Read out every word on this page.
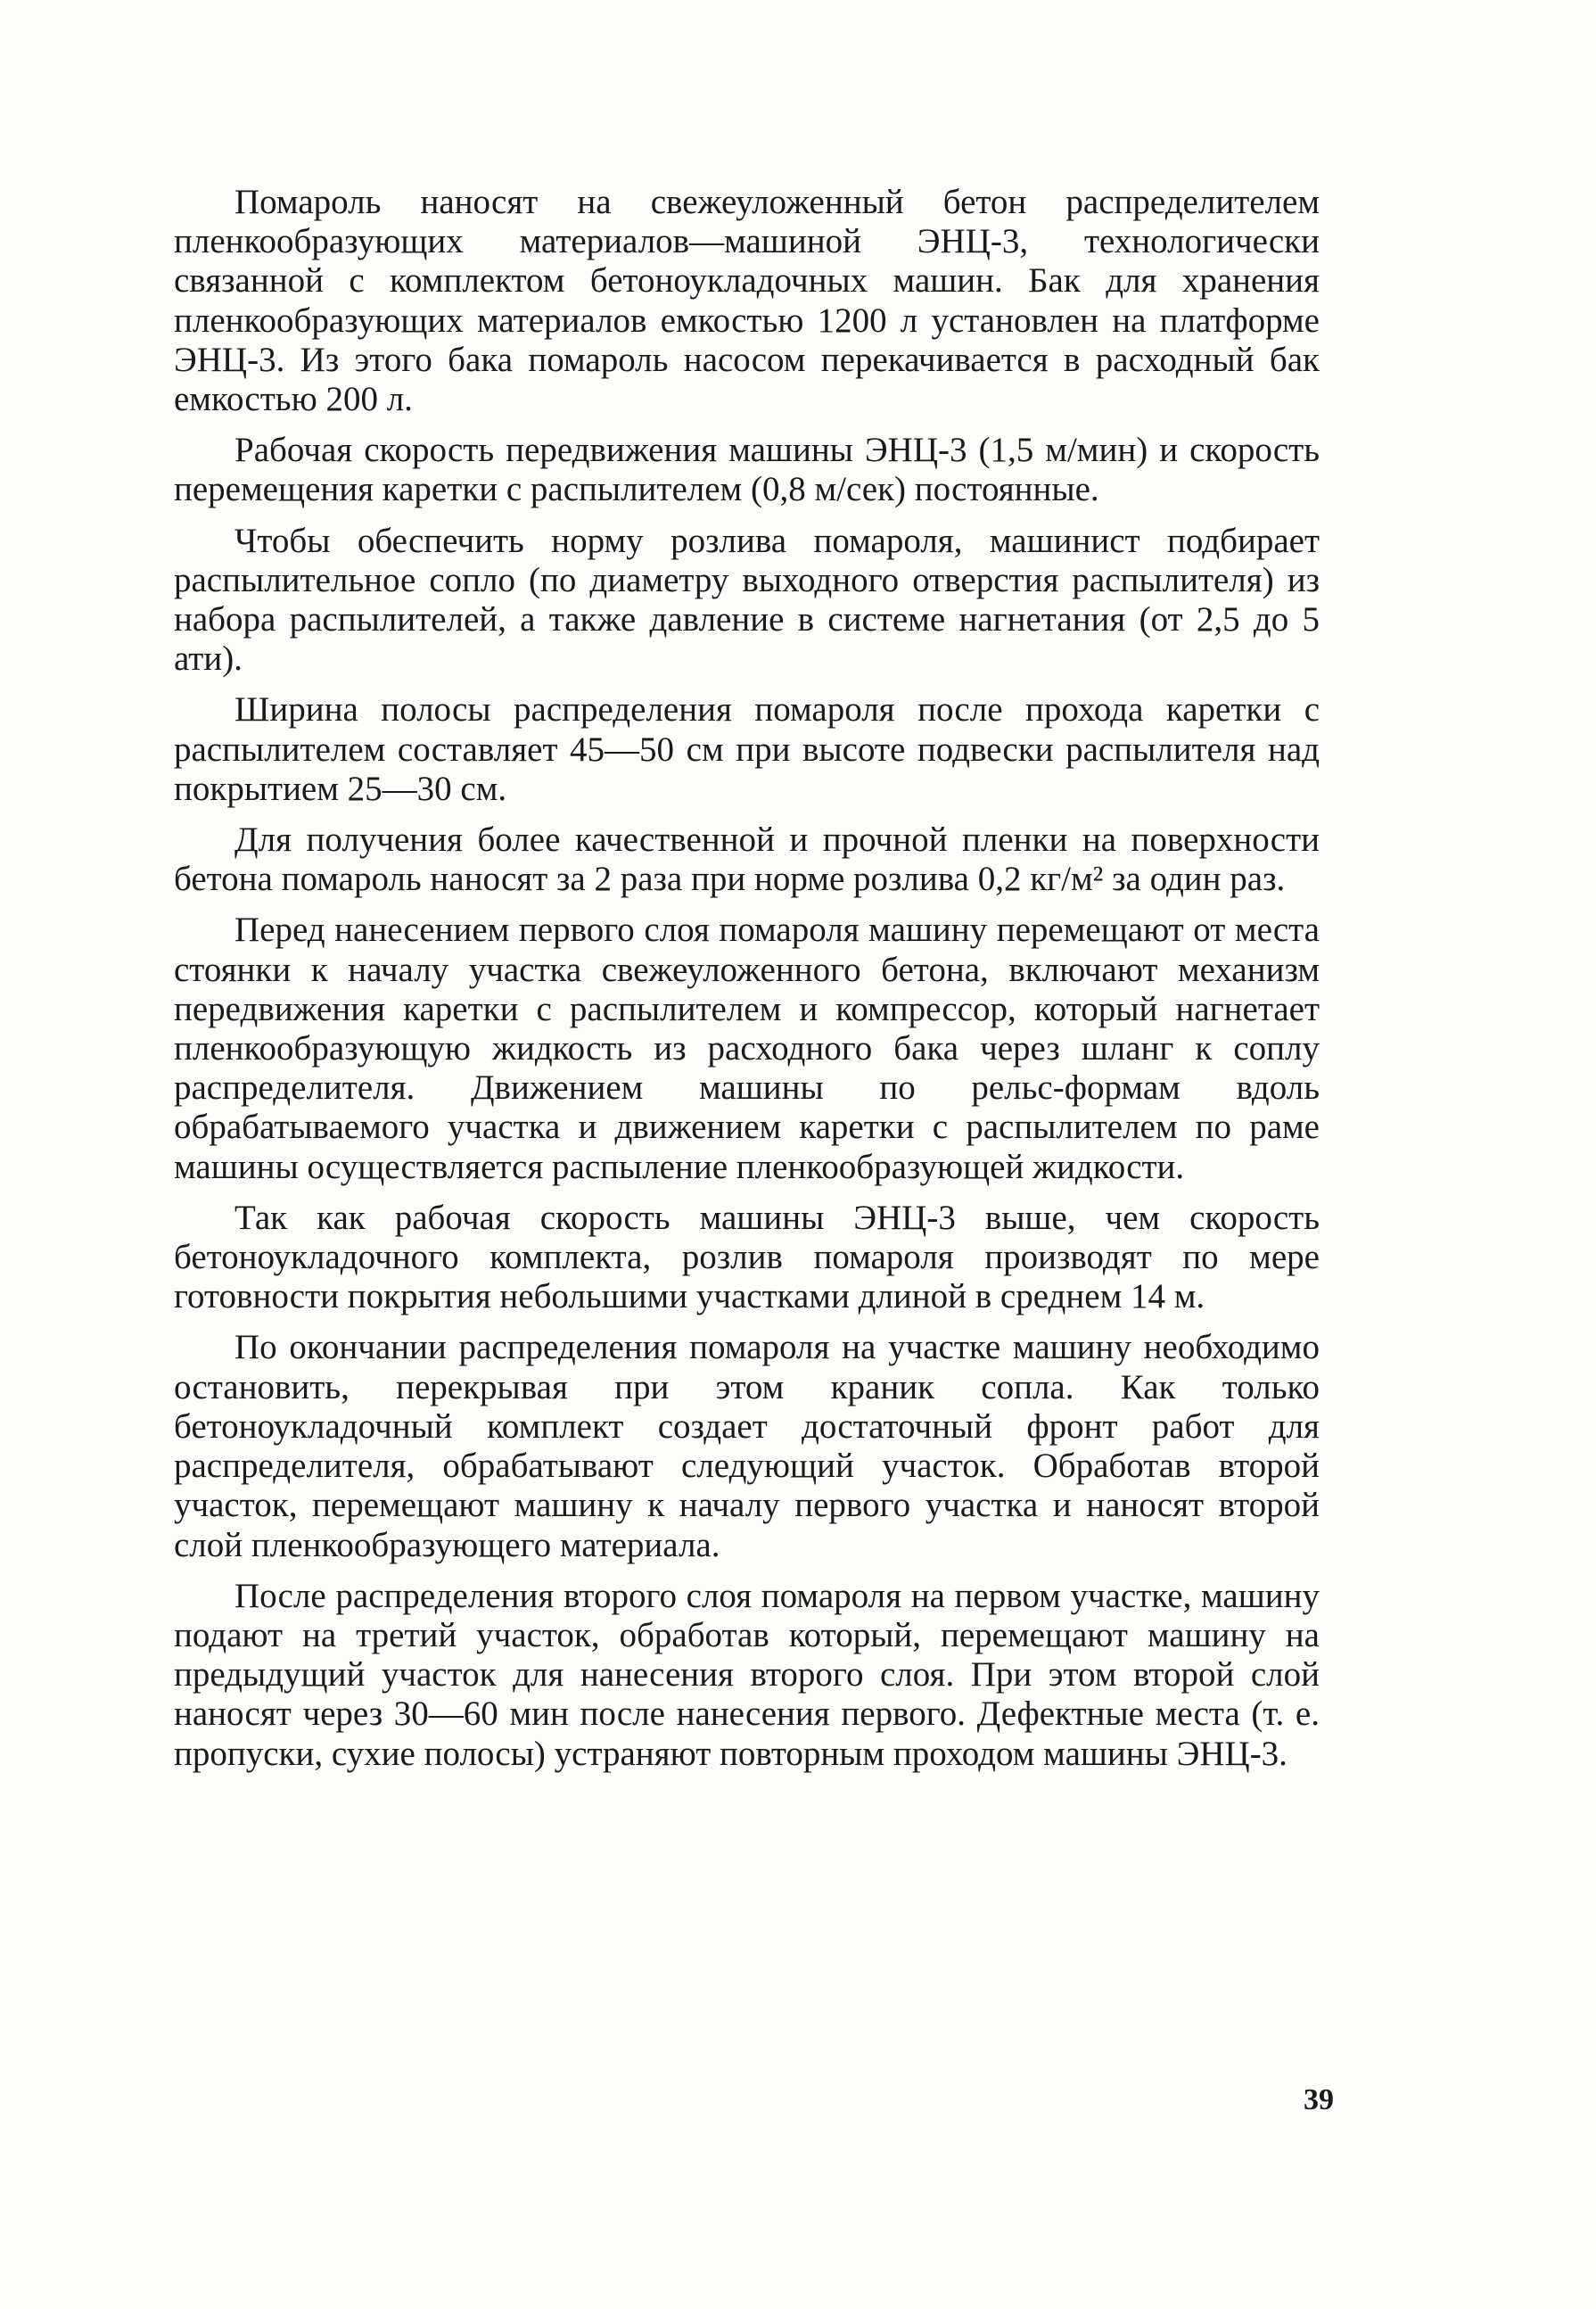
Помароль наносят на свежеуложенный бетон распределителем пленкообразующих материалов—машиной ЭНЦ-3, технологически связанной с комплектом бетоноукладочных машин. Бак для хранения пленкообразующих материалов емкостью 1200 л установлен на платформе ЭНЦ-3. Из этого бака помароль насосом перекачивается в расходный бак емкостью 200 л.

Рабочая скорость передвижения машины ЭНЦ-3 (1,5 м/мин) и скорость перемещения каретки с распылителем (0,8 м/сек) постоянные.

Чтобы обеспечить норму розлива помароля, машинист подбирает распылительное сопло (по диаметру выходного отверстия распылителя) из набора распылителей, а также давление в системе нагнетания (от 2,5 до 5 ати).

Ширина полосы распределения помароля после прохода каретки с распылителем составляет 45—50 см при высоте подвески распылителя над покрытием 25—30 см.

Для получения более качественной и прочной пленки на поверхности бетона помароль наносят за 2 раза при норме розлива 0,2 кг/м² за один раз.

Перед нанесением первого слоя помароля машину перемещают от места стоянки к началу участка свежеуложенного бетона, включают механизм передвижения каретки с распылителем и компрессор, который нагнетает пленкообразующую жидкость из расходного бака через шланг к соплу распределителя. Движением машины по рельс-формам вдоль обрабатываемого участка и движением каретки с распылителем по раме машины осуществляется распыление пленкообразующей жидкости.

Так как рабочая скорость машины ЭНЦ-3 выше, чем скорость бетоноукладочного комплекта, розлив помароля производят по мере готовности покрытия небольшими участками длиной в среднем 14 м.

По окончании распределения помароля на участке машину необходимо остановить, перекрывая при этом краник сопла. Как только бетоноукладочный комплект создает достаточный фронт работ для распределителя, обрабатывают следующий участок. Обработав второй участок, перемещают машину к началу первого участка и наносят второй слой пленкообразующего материала.

После распределения второго слоя помароля на первом участке, машину подают на третий участок, обработав который, перемещают машину на предыдущий участок для нанесения второго слоя. При этом второй слой наносят через 30—60 мин после нанесения первого. Дефектные места (т. е. пропуски, сухие полосы) устраняют повторным проходом машины ЭНЦ-3.

39
